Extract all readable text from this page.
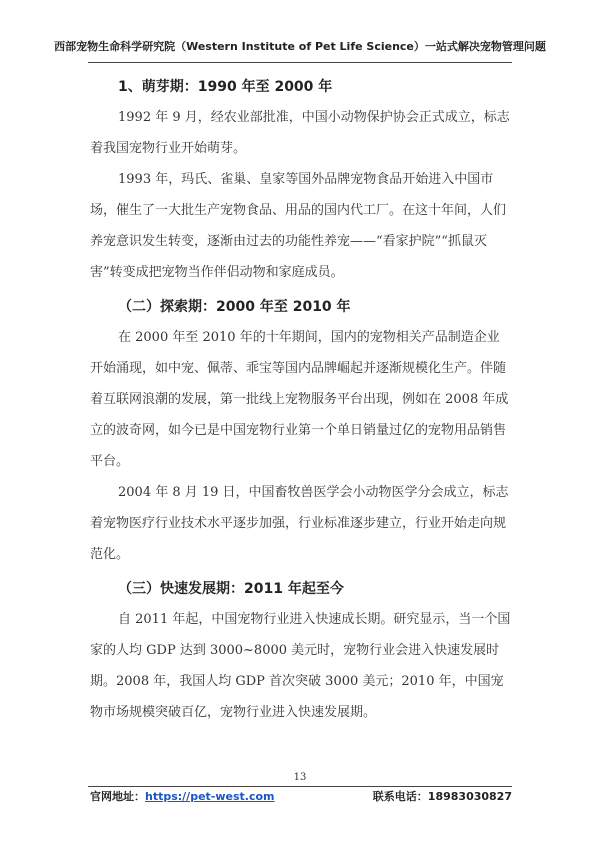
西部宠物生命科学研究院（Western Institute of Pet Life Science）一站式解决宠物管理问题

1、萌芽期：1990 年至 2000 年

1992 年 9 月，经农业部批准，中国小动物保护协会正式成立，标志着我国宠物行业开始萌芽。

1993 年，玛氏、雀巢、皇家等国外品牌宠物食品开始进入中国市场，催生了一大批生产宠物食品、用品的国内代工厂。在这十年间，人们养宠意识发生转变，逐渐由过去的功能性养宠——“看家护院”“抓鼠灭害”转变成把宠物当作伴侣动物和家庭成员。

（二）探索期：2000 年至 2010 年

在 2000 年至 2010 年的十年期间，国内的宠物相关产品制造企业开始涌现，如中宠、佩蒂、乖宝等国内品牌崛起并逐渐规模化生产。伴随着互联网浪潮的发展，第一批线上宠物服务平台出现，例如在 2008 年成立的波奇网，如今已是中国宠物行业第一个单日销量过亿的宠物用品销售平台。

2004 年 8 月 19 日，中国畜牧兽医学会小动物医学分会成立，标志着宠物医疗行业技术水平逐步加强，行业标准逐步建立，行业开始走向规范化。

（三）快速发展期：2011 年起至今

自 2011 年起，中国宠物行业进入快速成长期。研究显示，当一个国家的人均 GDP 达到 3000~8000 美元时，宠物行业会进入快速发展时期。2008 年，我国人均 GDP 首次突破 3000 美元；2010 年，中国宠物市场规模突破百亿，宠物行业进入快速发展期。

13
官网地址：https://pet-west.com	联系电话：18983030827
